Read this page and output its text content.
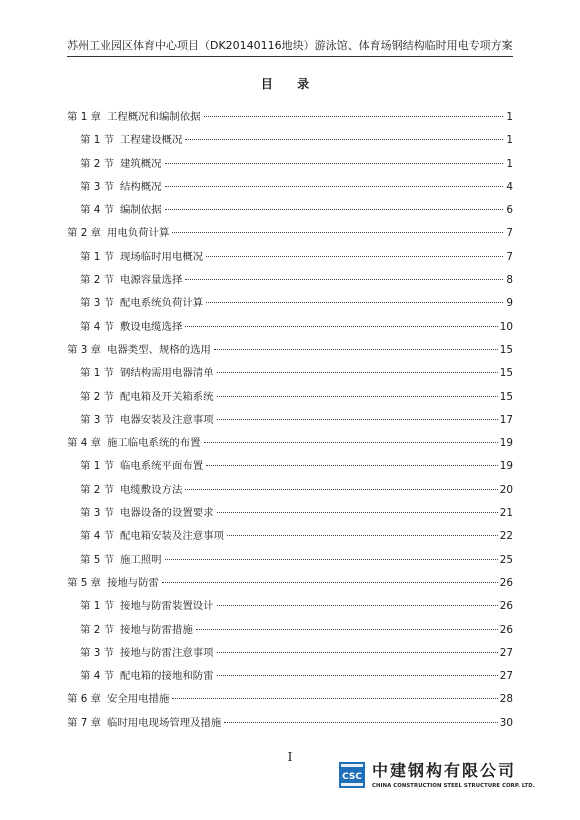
苏州工业园区体育中心项目（DK20140116地块）游泳馆、体育场钢结构临时用电专项方案
目 录
第 1 章 工程概况和编制依据	1
第 1 节 工程建设概况	1
第 2 节 建筑概况	1
第 3 节 结构概况	4
第 4 节 编制依据	6
第 2 章 用电负荷计算	7
第 1 节 现场临时用电概况	7
第 2 节 电源容量选择	8
第 3 节 配电系统负荷计算	9
第 4 节 敷设电缆选择	10
第 3 章 电器类型、规格的选用	15
第 1 节 钢结构需用电器清单	15
第 2 节 配电箱及开关箱系统	15
第 3 节 电器安装及注意事项	17
第 4 章 施工临电系统的布置	19
第 1 节 临电系统平面布置	19
第 2 节 电缆敷设方法	20
第 3 节 电器设备的设置要求	21
第 4 节 配电箱安装及注意事项	22
第 5 节 施工照明	25
第 5 章 接地与防雷	26
第 1 节 接地与防雷装置设计	26
第 2 节 接地与防雷措施	26
第 3 节 接地与防雷注意事项	27
第 4 节 配电箱的接地和防雷	27
第 6 章 安全用电措施	28
第 7 章 临时用电现场管理及措施	30
I
CSC 中建钢构有限公司
CHINA CONSTRUCTION STEEL STRUCTURE CORP. LTD.
